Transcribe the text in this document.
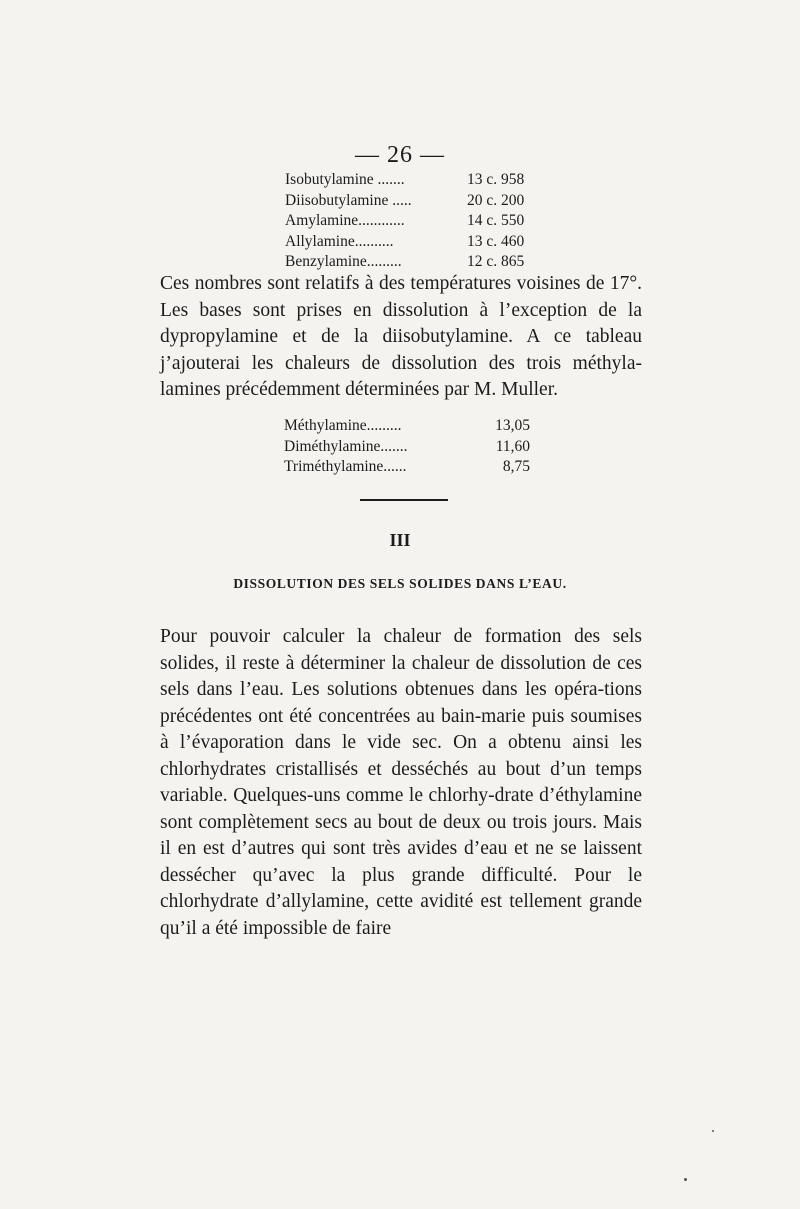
— 26 —
Isobutylamine .......	13 c. 958
Diisobutylamine .....	20 c. 200
Amylamine............	14 c. 550
Allylamine..........	13 c. 460
Benzylamine.........	12 c. 865
Ces nombres sont relatifs à des températures voisines de 17°. Les bases sont prises en dissolution à l’exception de la dypropylamine et de la diisobutylamine. A ce tableau j’ajouterai les chaleurs de dissolution des trois méthyla-lamines précédemment déterminées par M. Muller.
Méthylamine.........	13,05
Diméthylamine.......	11,60
Triméthylamine......	8,75
III
DISSOLUTION DES SELS SOLIDES DANS L’EAU.
Pour pouvoir calculer la chaleur de formation des sels solides, il reste à déterminer la chaleur de dissolution de ces sels dans l’eau. Les solutions obtenues dans les opéra-tions précédentes ont été concentrées au bain-marie puis soumises à l’évaporation dans le vide sec. On a obtenu ainsi les chlorhydrates cristallisés et desséchés au bout d’un temps variable. Quelques-uns comme le chlorhy-drate d’éthylamine sont complètement secs au bout de deux ou trois jours. Mais il en est d’autres qui sont très avides d’eau et ne se laissent dessécher qu’avec la plus grande difficulté. Pour le chlorhydrate d’allylamine, cette avidité est tellement grande qu’il a été impossible de faire
